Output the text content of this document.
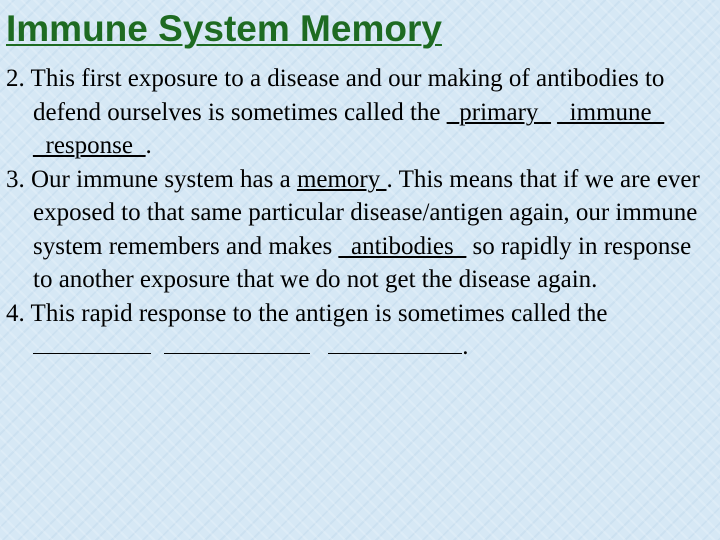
Immune System Memory

2. This first exposure to a disease and our making of antibodies to defend ourselves is sometimes called the _primary_ _immune_ _response_.

3. Our immune system has a memory . This means that if we are ever exposed to that same particular disease/antigen again, our immune system remembers and makes _antibodies_ so rapidly in response to another exposure that we do not get the disease again.

4. This rapid response to the antigen is sometimes called the      .
